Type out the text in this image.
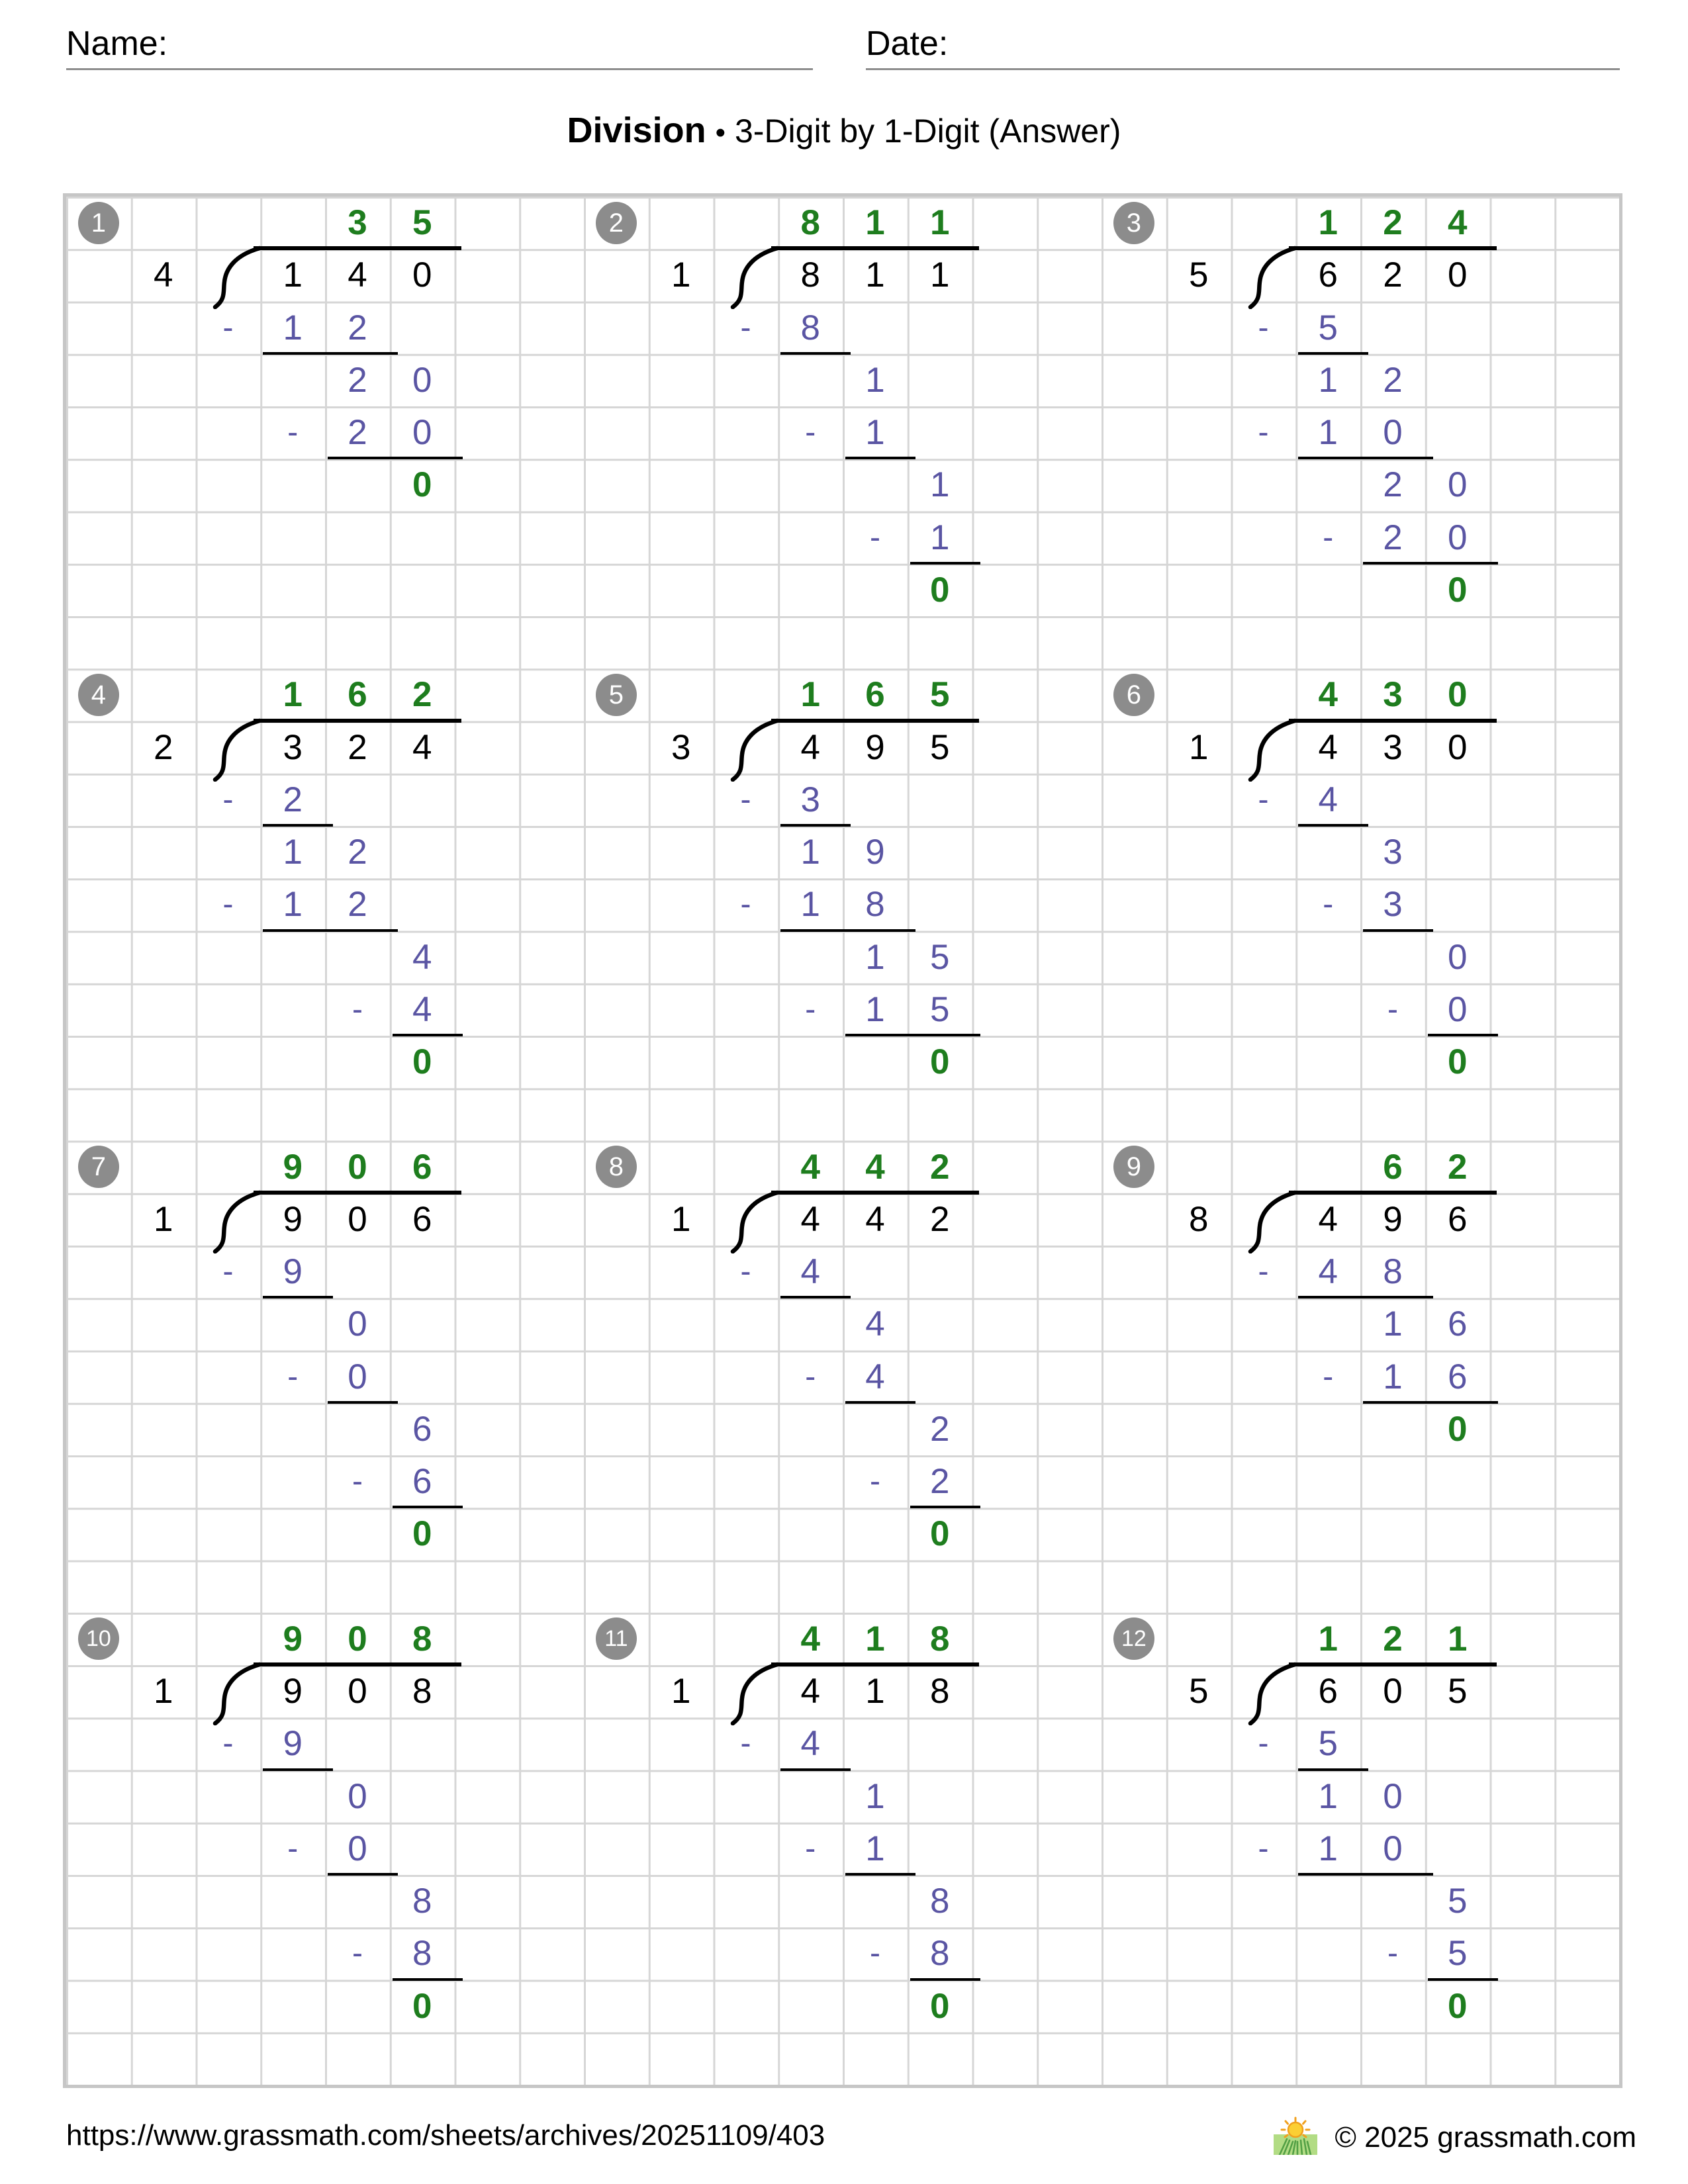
Name:	Date:
Division • 3-Digit by 1-Digit (Answer)
1	3	5
4	1	4	0
-	1	2
2	0
-	2	0
0
2	8	1	1
1	8	1	1
-	8
1
-	1
1
-	1
0
3	1	2	4
5	6	2	0
-	5
1	2
-	1	0
2	0
-	2	0
0
4	1	6	2
2	3	2	4
-	2
1	2
-	1	2
4
-	4
0
5	1	6	5
3	4	9	5
-	3
1	9
-	1	8
1	5
-	1	5
0
6	4	3	0
1	4	3	0
-	4
3
-	3
0
-	0
0
7	9	0	6
1	9	0	6
-	9
0
-	0
6
-	6
0
8	4	4	2
1	4	4	2
-	4
4
-	4
2
-	2
0
9	6	2
8	4	9	6
-	4	8
1	6
-	1	6
0
10	9	0	8
1	9	0	8
-	9
0
-	0
8
-	8
0
11	4	1	8
1	4	1	8
-	4
1
-	1
8
-	8
0
12	1	2	1
5	6	0	5
-	5
1	0
-	1	0
5
-	5
0
https://www.grassmath.com/sheets/archives/20251109/403	© 2025 grassmath.com
